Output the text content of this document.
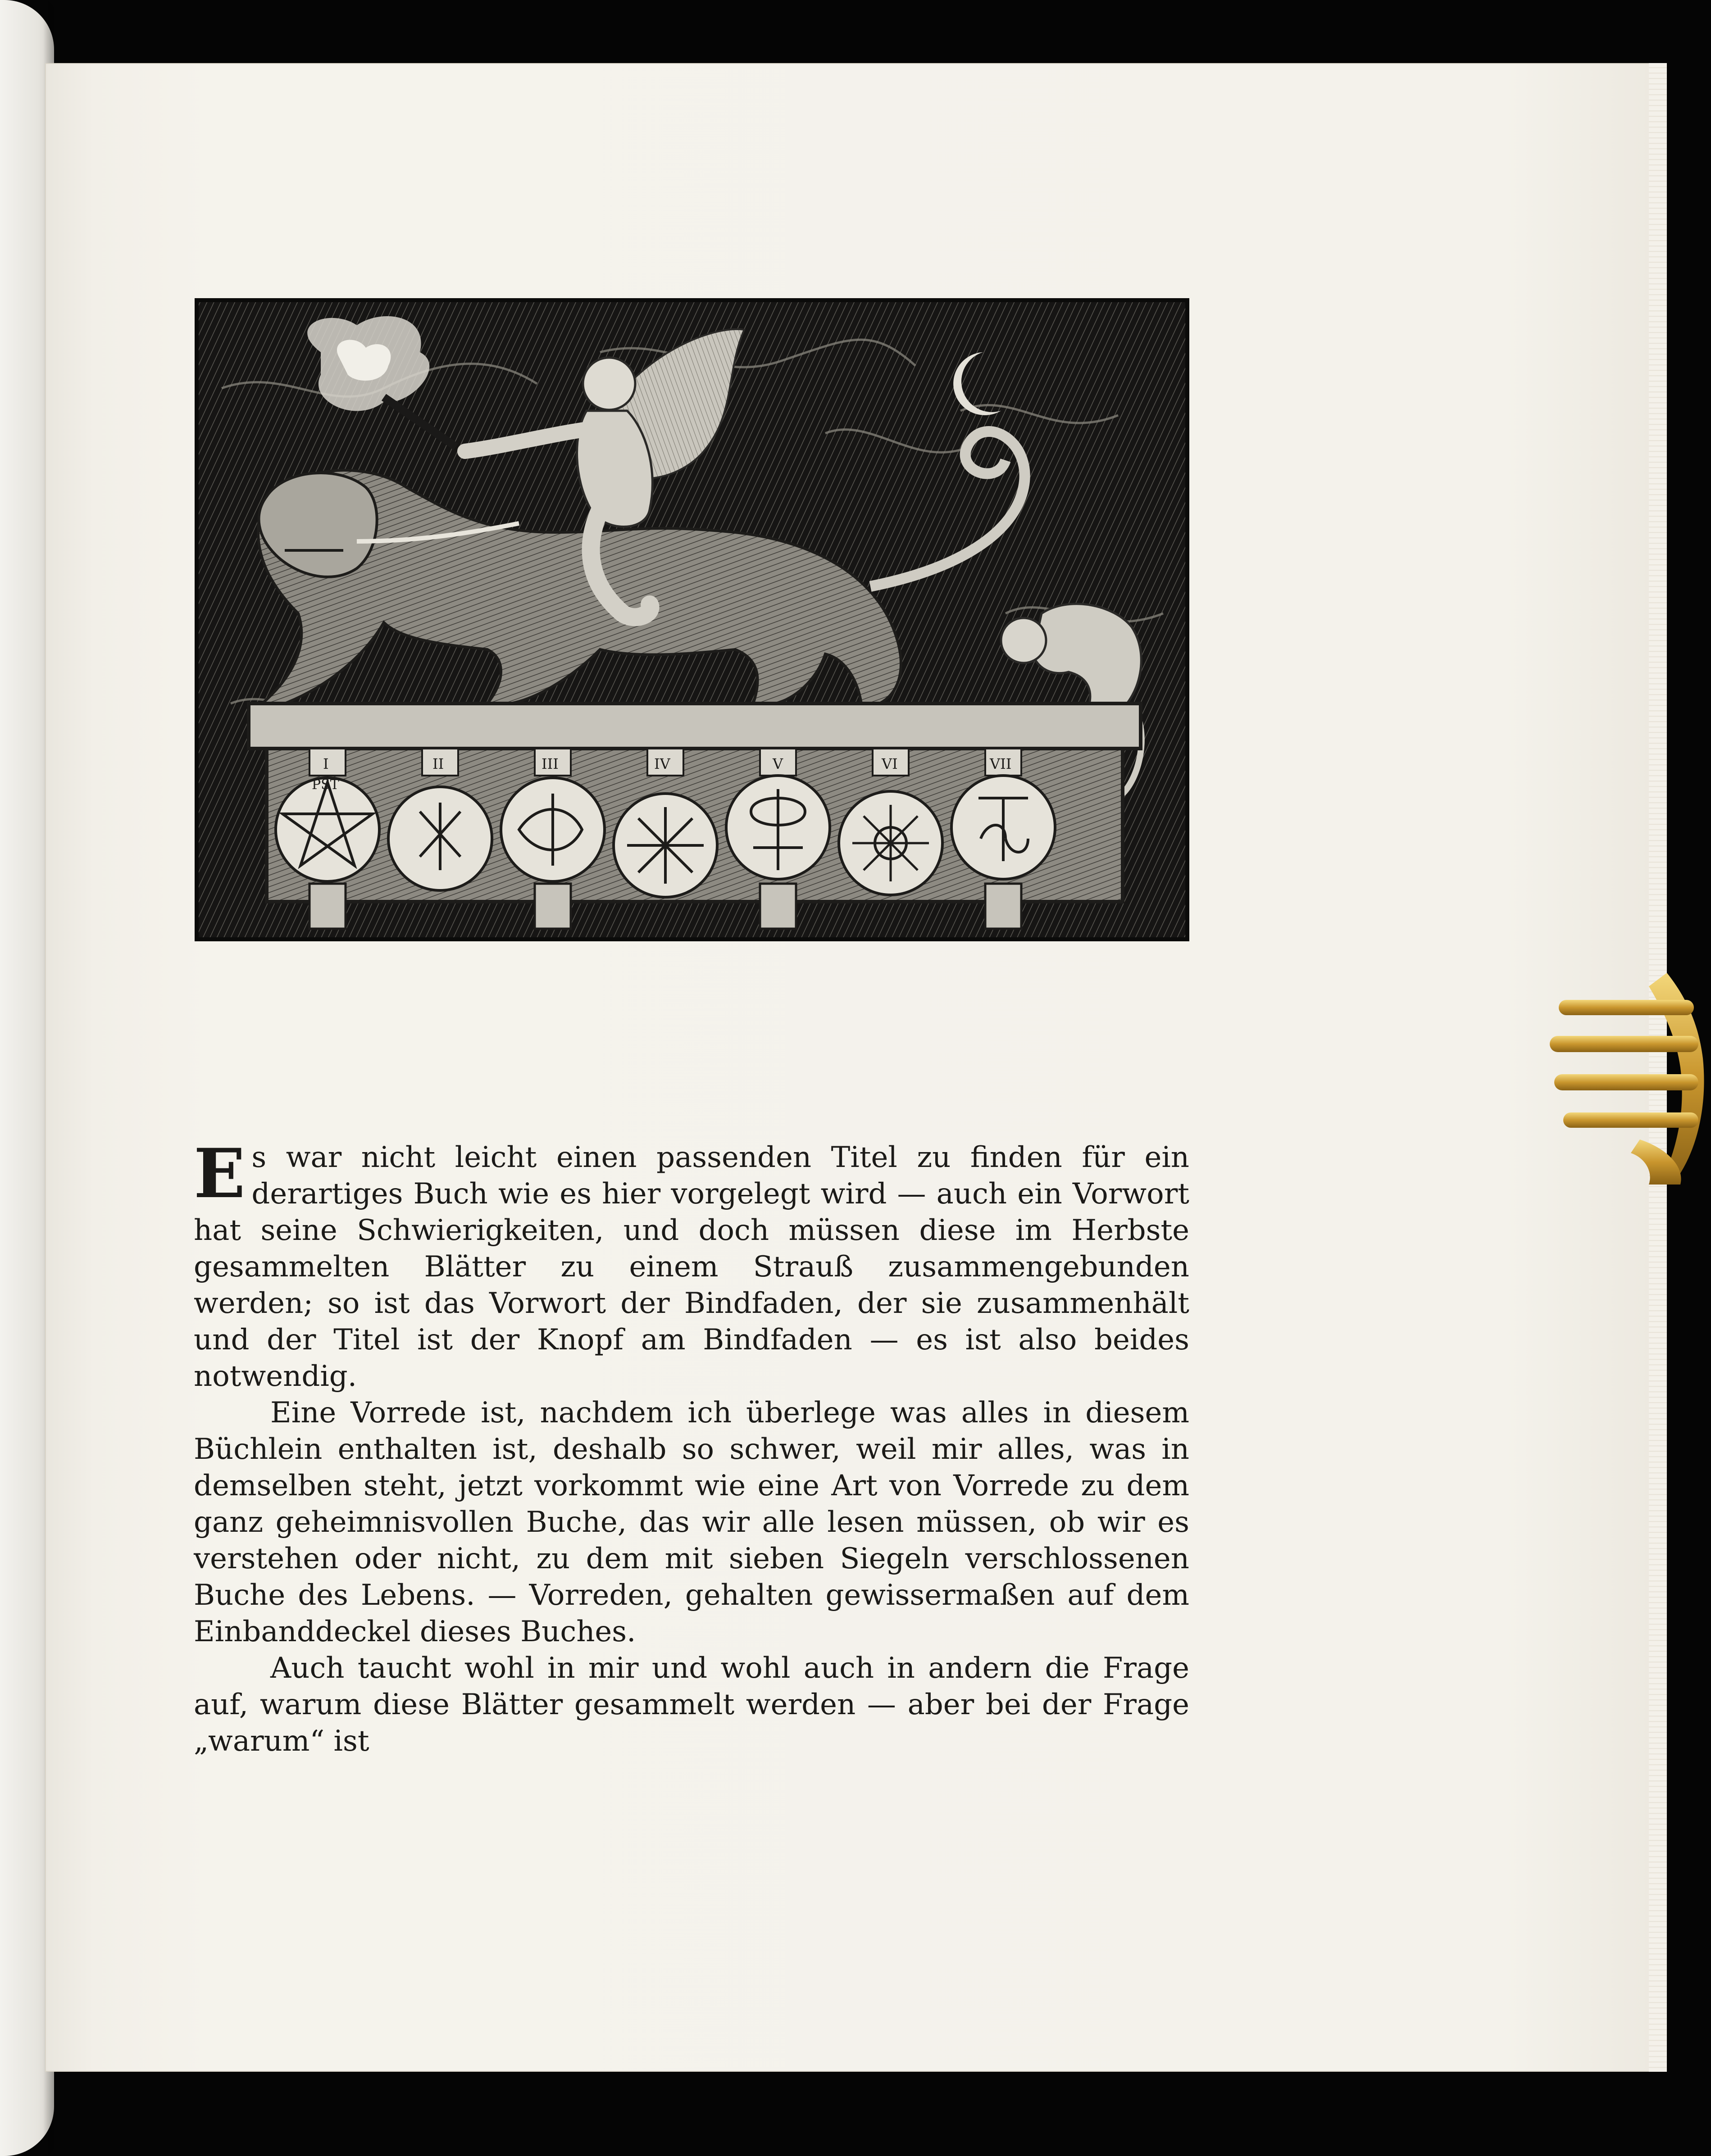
PST
I	II	III	IV	V	VI	VII

Es war nicht leicht einen passenden Titel zu finden für ein derartiges Buch wie es hier vorgelegt wird — auch ein Vorwort hat seine Schwierigkeiten, und doch müssen diese im Herbste gesammelten Blätter zu einem Strauß zusammengebunden werden; so ist das Vorwort der Bindfaden, der sie zusammenhält und der Titel ist der Knopf am Bindfaden — es ist also beides notwendig.

Eine Vorrede ist, nachdem ich überlege was alles in diesem Büchlein enthalten ist, deshalb so schwer, weil mir alles, was in demselben steht, jetzt vorkommt wie eine Art von Vorrede zu dem ganz geheimnisvollen Buche, das wir alle lesen müssen, ob wir es verstehen oder nicht, zu dem mit sieben Siegeln verschlossenen Buche des Lebens. — Vorreden, gehalten gewissermaßen auf dem Einbanddeckel dieses Buches.

Auch taucht wohl in mir und wohl auch in andern die Frage auf, warum diese Blätter gesammelt werden — aber bei der Frage „warum“ ist
